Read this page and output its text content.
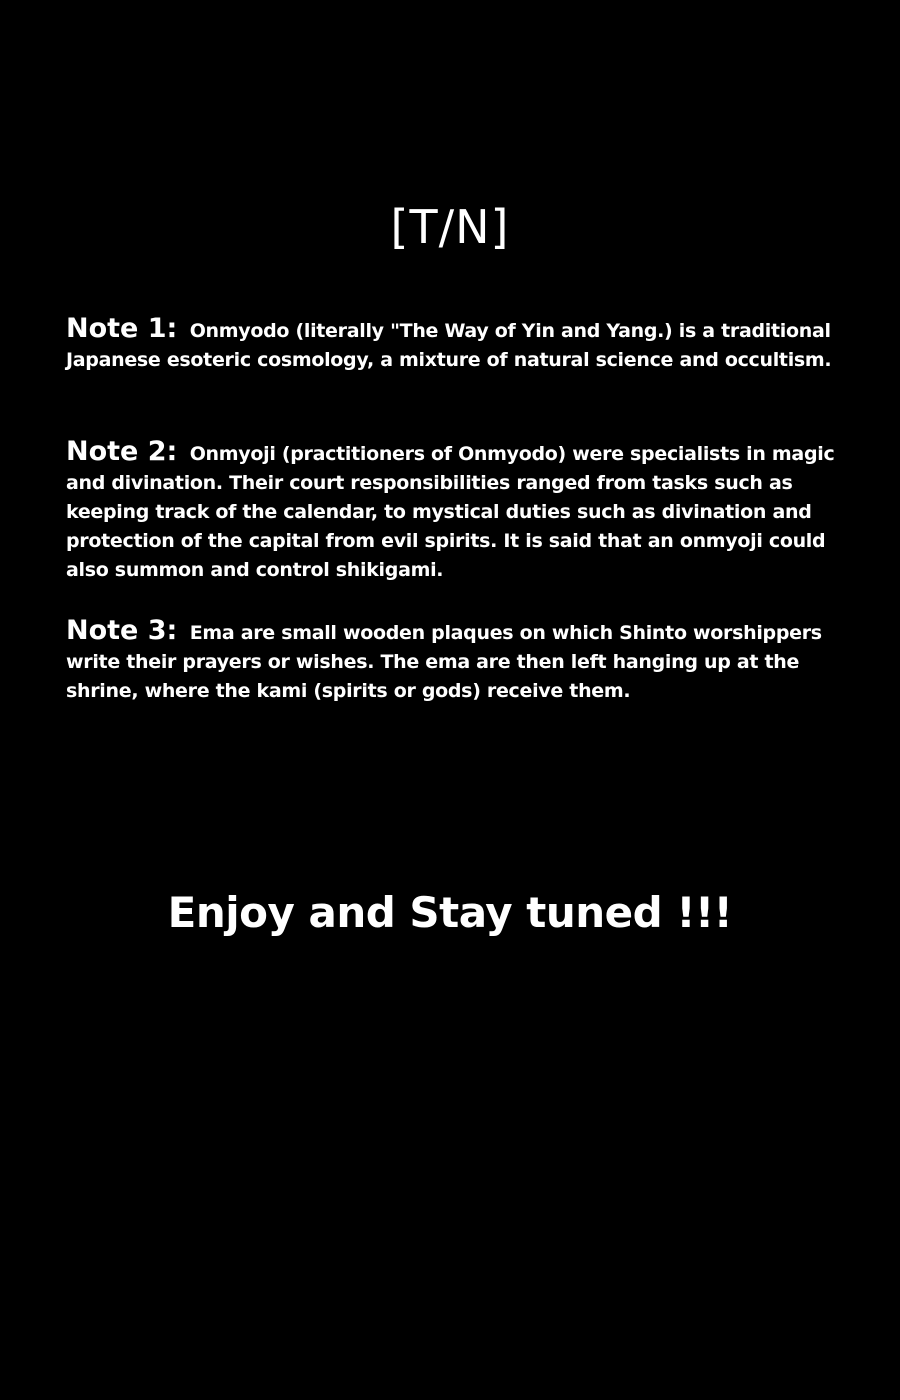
[T/N]

Note 1: Onmyodo (literally "The Way of Yin and Yang.) is a traditional Japanese esoteric cosmology, a mixture of natural science and occultism.

Note 2: Onmyoji (practitioners of Onmyodo) were specialists in magic and divination. Their court responsibilities ranged from tasks such as keeping track of the calendar, to mystical duties such as divination and protection of the capital from evil spirits. It is said that an onmyoji could also summon and control shikigami.

Note 3: Ema are small wooden plaques on which Shinto worshippers write their prayers or wishes. The ema are then left hanging up at the shrine, where the kami (spirits or gods) receive them.

Enjoy and Stay tuned !!!
